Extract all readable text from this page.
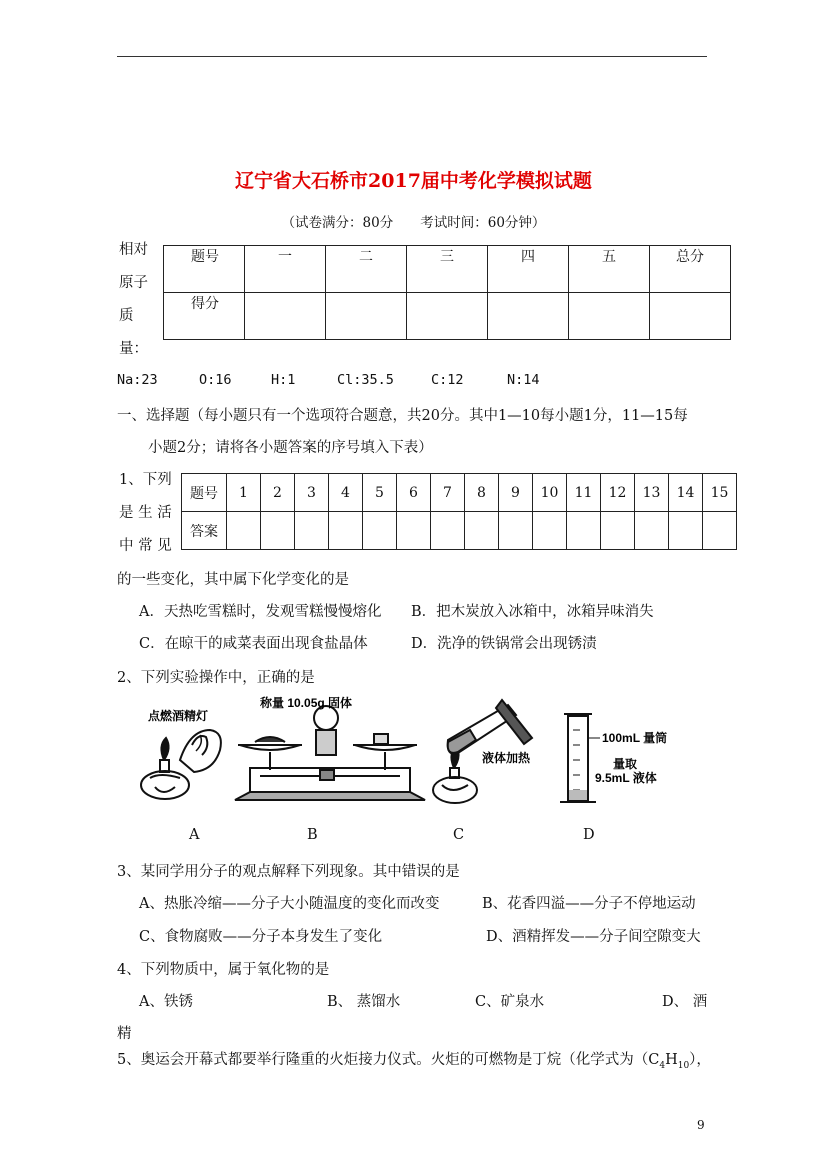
辽宁省大石桥市2017届中考化学模拟试题
（试卷满分：80分　　考试时间：60分钟）
相对
原子
质
量：
题号	一	二	三	四	五	总分
得分						
Na:23	O:16	H:1	Cl:35.5	C:12	N:14
一、选择题（每小题只有一个选项符合题意，共20分。其中1—10每小题1分，11—15每
小题2分；请将各小题答案的序号填入下表）
1、下列
是 生 活
中 常 见
题号	1	2	3	4	5	6	7	8	9	10	11	12	13	14	15
答案															
的一些变化，其中属下化学变化的是
A．天热吃雪糕时，发观雪糕慢慢熔化 B．把木炭放入冰箱中，冰箱异味消失
C．在晾干的咸菜表面出现食盐晶体	D．洗净的铁锅常会出现锈渍
2、下列实验操作中，正确的是
点燃酒精灯
称量 10.05g 固体
液体加热
100mL 量筒
量取
9.5mL 液体
A	B	C	D
3、某同学用分子的观点解释下列现象。其中错误的是
A、热胀冷缩——分子大小随温度的变化而改变	B、花香四溢——分子不停地运动
C、食物腐败——分子本身发生了变化	D、酒精挥发——分子间空隙变大
4、下列物质中，属于氧化物的是
A、铁锈	B、 蒸馏水	C、矿泉水	D、 酒
精
5、奥运会开幕式都要举行隆重的火炬接力仪式。火炬的可燃物是丁烷（化学式为$(C_4H_{10})$，
9
